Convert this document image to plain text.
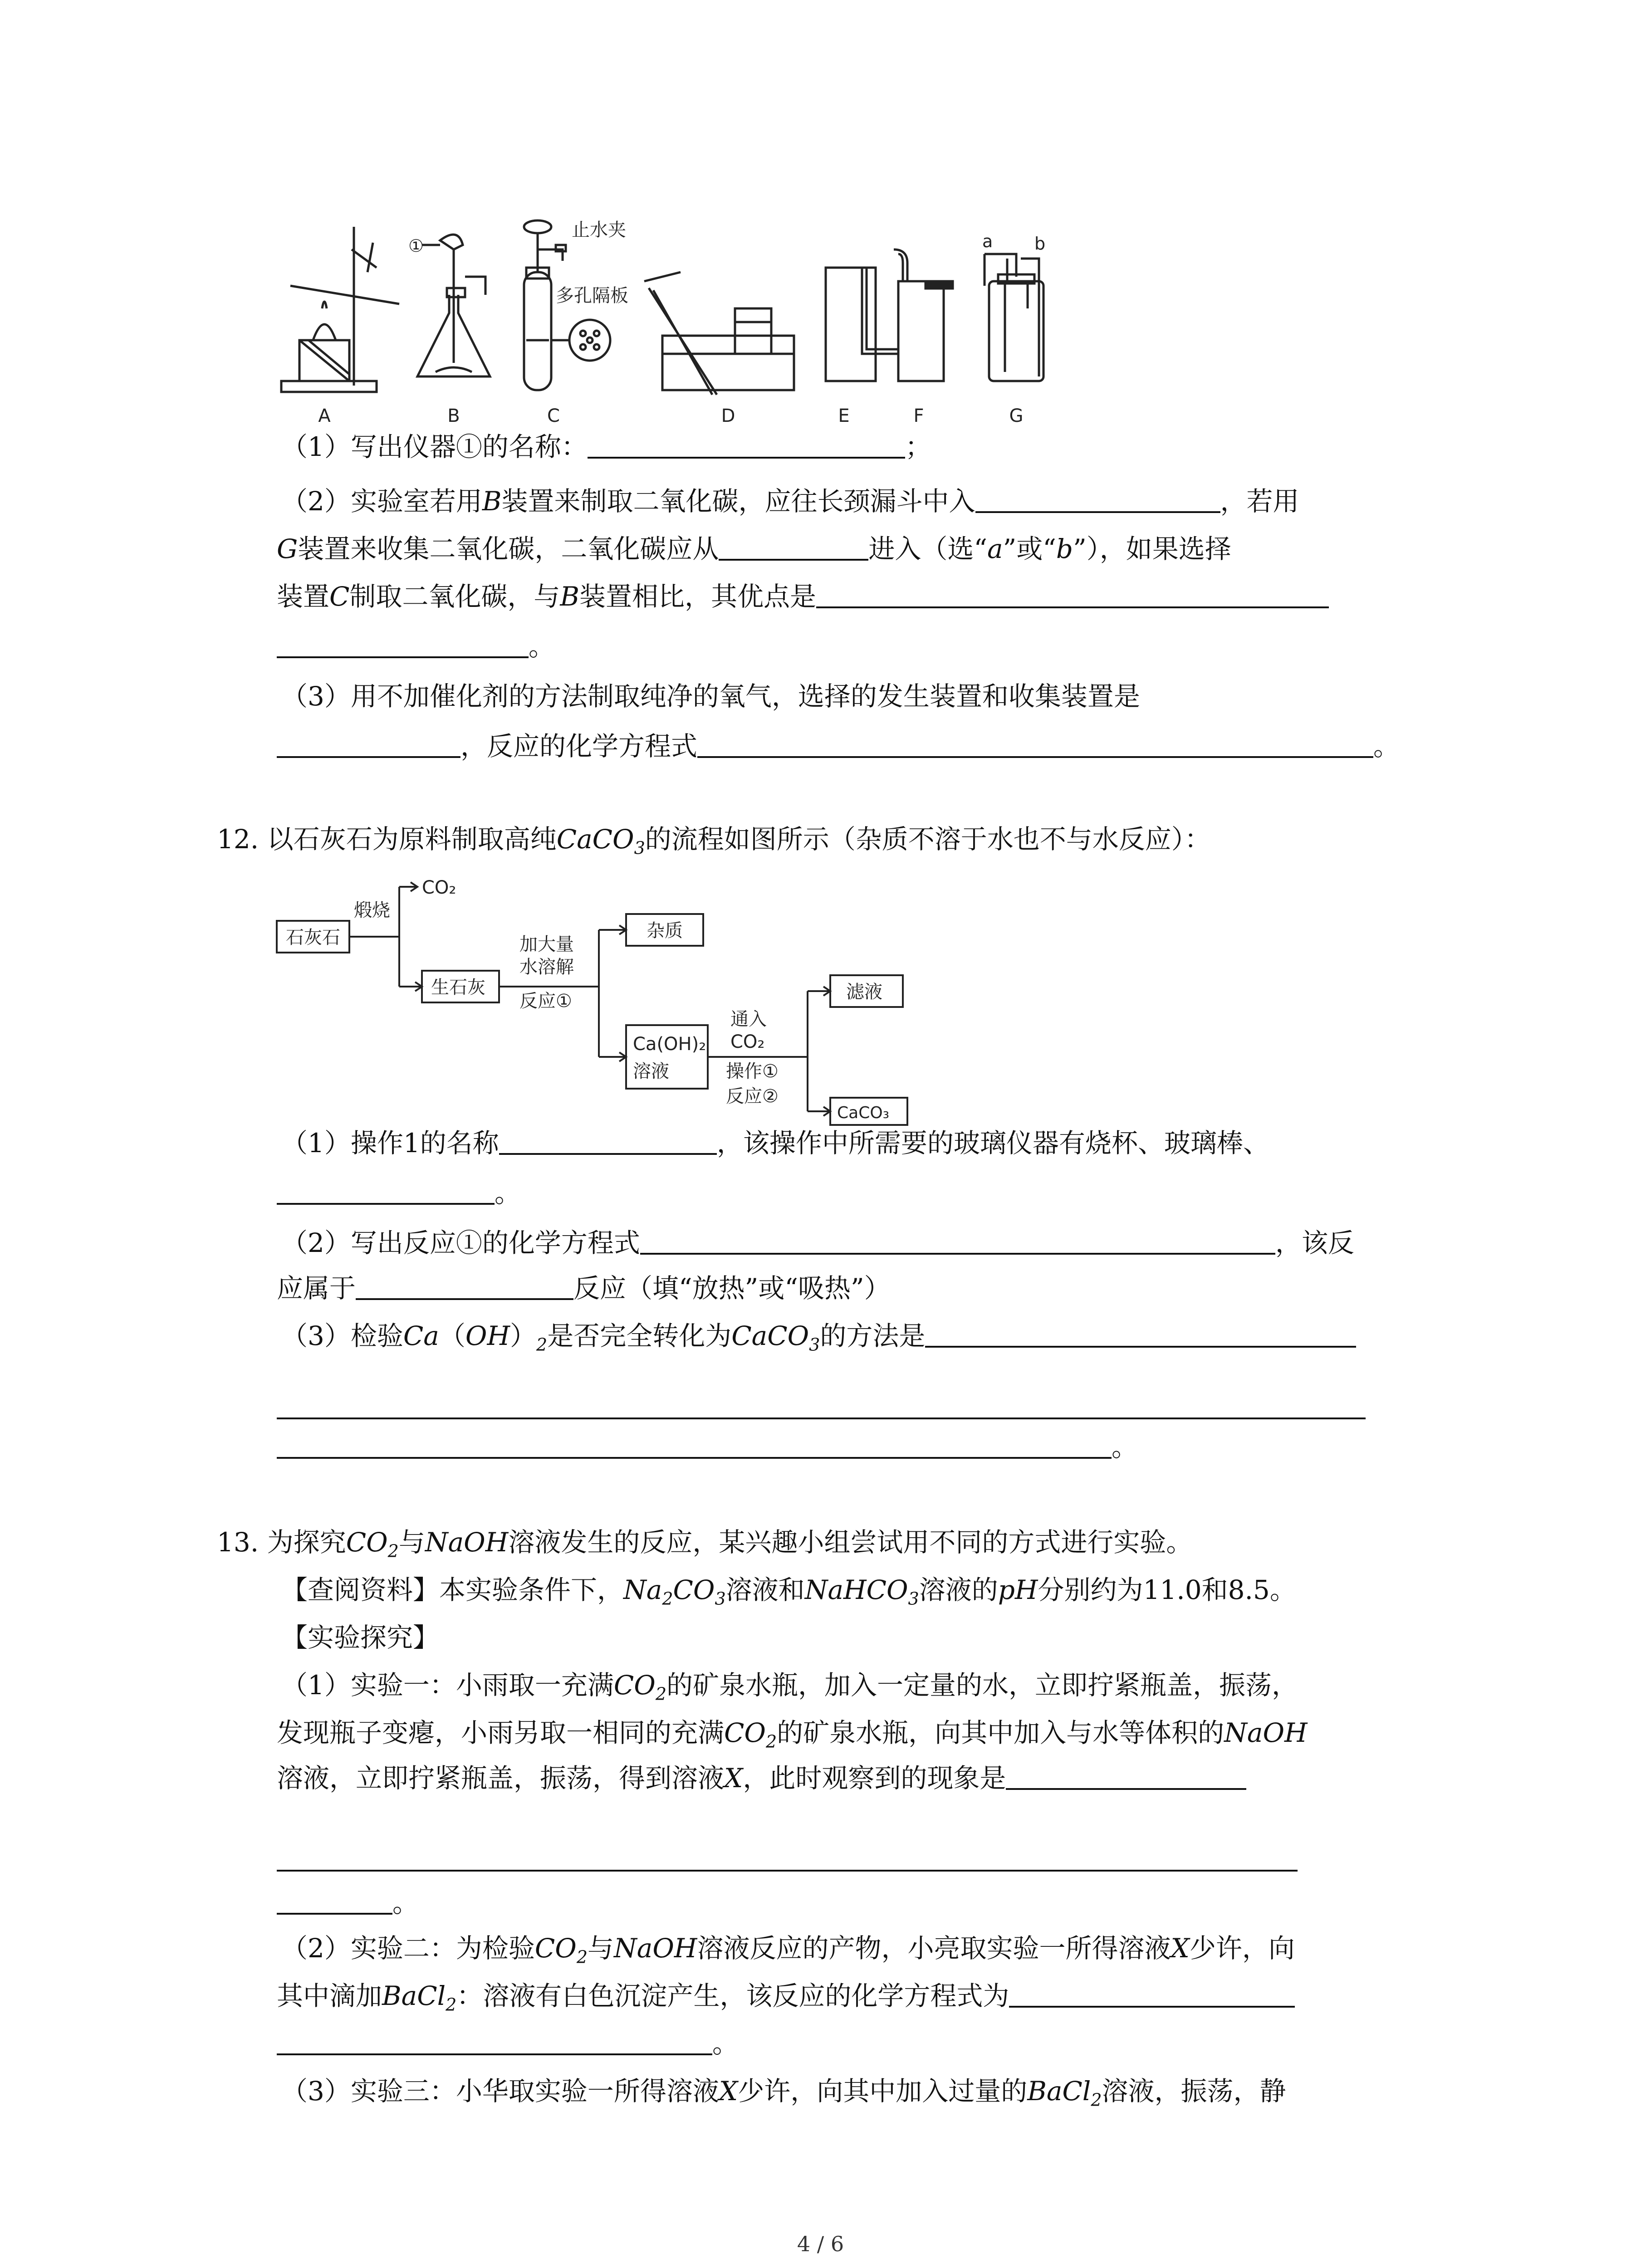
A	B	C	D	E	F	G
①
止水夹
多孔隔板
a b
（1）写出仪器①的名称：	；
（2）实验室若用B装置来制取二氧化碳，应往长颈漏斗中入	，若用
G装置来收集二氧化碳，二氧化碳应从	进入（选“a”或“b”），如果选择
装置C制取二氧化碳，与B装置相比，其优点是
。
（3）用不加催化剂的方法制取纯净的氧气，选择的发生装置和收集装置是
，反应的化学方程式	。
12. 以石灰石为原料制取高纯CaCO$_3$的流程如图所示（杂质不溶于水也不与水反应）：
石灰石
煅烧
CO₂
生石灰
加大量
水溶解
反应①
杂质
Ca(OH)₂
溶液
通入
CO₂
操作①
反应②
滤液
CaCO₃
（1）操作1的名称	，该操作中所需要的玻璃仪器有烧杯、玻璃棒、
。
（2）写出反应①的化学方程式	，该反
应属于	反应（填“放热”或“吸热”）
（3）检验$Ca(OH)_2$是否完全转化为CaCO$_3$的方法是
。
13. 为探究$CO_2$与NaOH溶液发生的反应，某兴趣小组尝试用不同的方式进行实验。
【查阅资料】本实验条件下，$Na_2CO_3$溶液和NaHCO$_3$溶液的pH分别约为11.0和8.5。
【实验探究】
（1）实验一：小雨取一充满$CO_2$的矿泉水瓶，加入一定量的水，立即拧紧瓶盖，振荡，
发现瓶子变瘪，小雨另取一相同的充满$CO_2$的矿泉水瓶，向其中加入与水等体积的NaOH
溶液，立即拧紧瓶盖，振荡，得到溶液X，此时观察到的现象是
。
（2）实验二：为检验$CO_2$与NaOH溶液反应的产物，小亮取实验一所得溶液X少许，向
其中滴加BaCl$_2$：溶液有白色沉淀产生，该反应的化学方程式为
。
（3）实验三：小华取实验一所得溶液X少许，向其中加入过量的BaCl$_2$溶液，振荡，静
4 / 6
